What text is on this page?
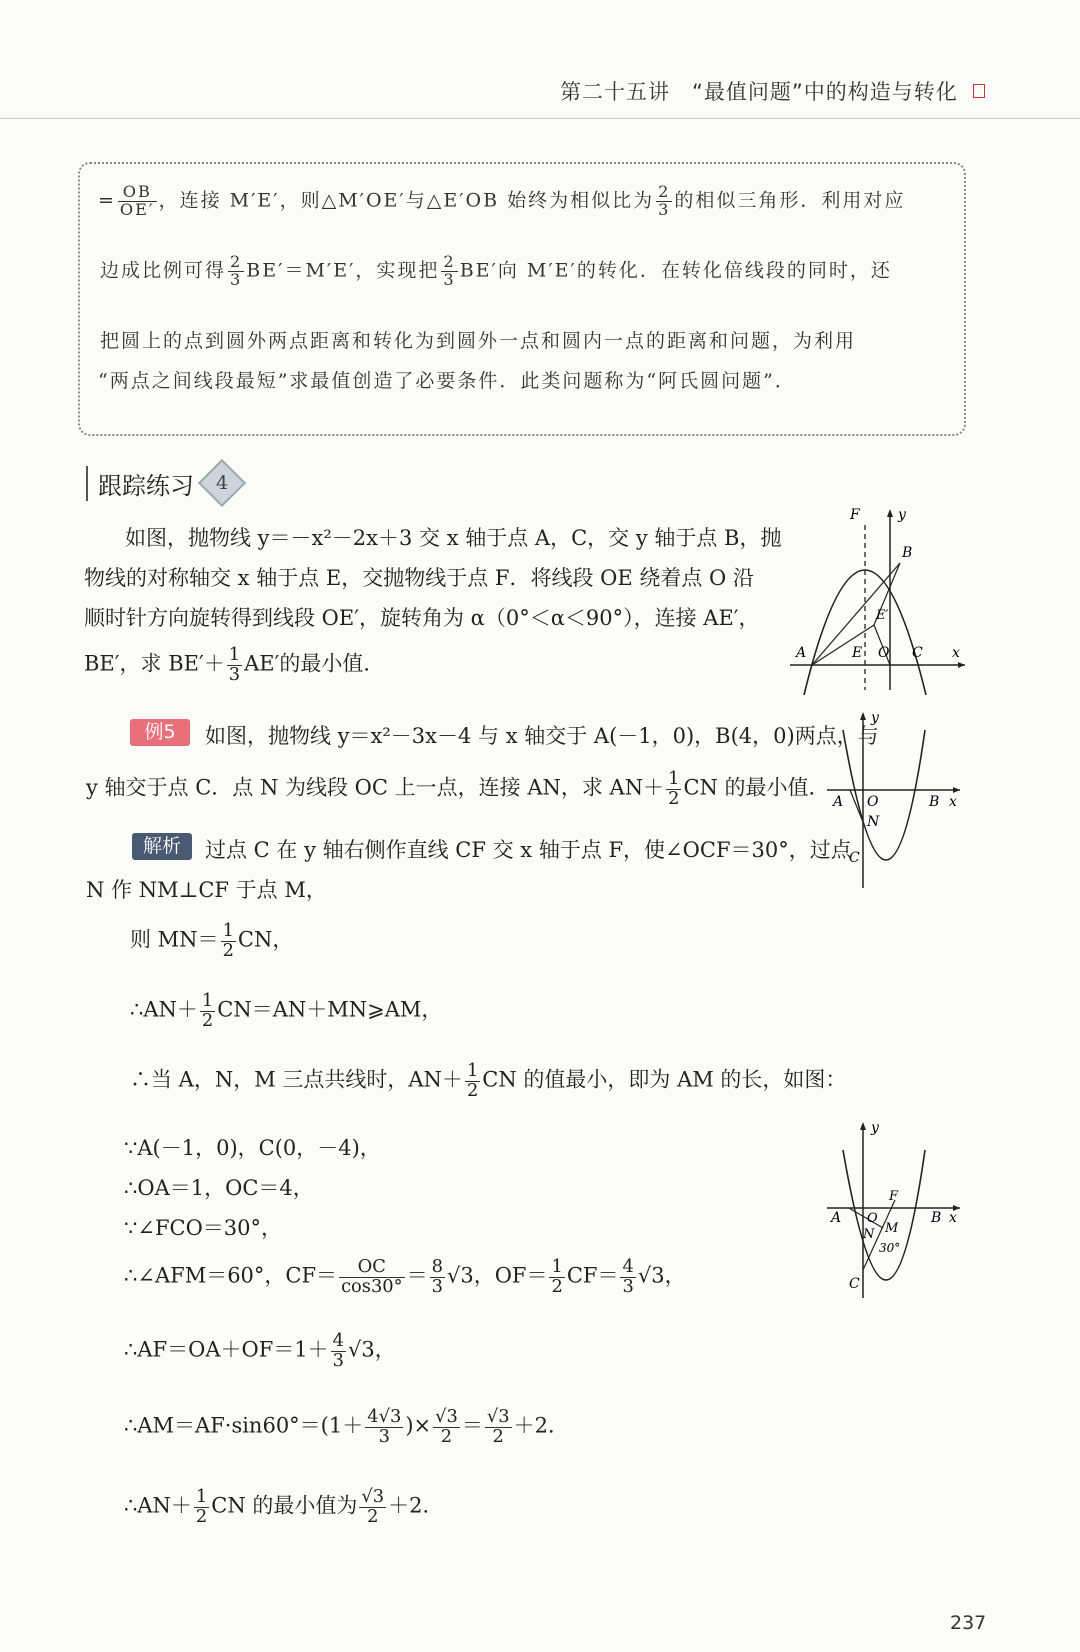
第二十五讲　“最值问题”中的构造与转化
= $\frac{OB}{OE'}$ ，连接 M′E′，则△M′OE′与△E′OB 始终为相似比为 $\frac{2}{3}$ 的相似三角形．利用对应
边成比例可得 $\frac{2}{3} BE'=M'E'$，实现把 $\frac{2}{3} BE'$向 M′E′的转化．在转化倍线段的同时，还
把圆上的点到圆外两点距离和转化为到圆外一点和圆内一点的距离和问题，为利用
“两点之间线段最短”求最值创造了必要条件．此类问题称为“阿氏圆问题”．
跟踪练习	4
如图，抛物线 y＝－x²－2x＋3 交 x 轴于点 A，C，交 y 轴于点 B，抛
物线的对称轴交 x 轴于点 E，交抛物线于点 F．将线段 OE 绕着点 O 沿
顺时针方向旋转得到线段 OE′，旋转角为 α（0°＜α＜90°），连接 AE′，
BE′，求 $BE'+ \frac{1}{3} AE'$的最小值．
F	y
B
E′
A	E O C x
例5	如图，抛物线 y＝x²－3x－4 与 x 轴交于 A(－1，0)，B(4，0)两点，与
y 轴交于点 C．点 N 为线段 OC 上一点，连接 AN，求 $AN+ \frac{1}{2}$ CN 的最小值．
y
A O	B x
N
C
解析	过点 C 在 y 轴右侧作直线 CF 交 x 轴于点 F，使∠OCF＝30°，过点
N 作 NM⊥CF 于点 M，
则 $MN= \frac{1}{2}$ CN，
∴AN＋ $\frac{1}{2}$ CN＝AN＋MN⩾AM，
∴当 A，N，M 三点共线时，$AN+ \frac{1}{2}$ CN 的值最小，即为 AM 的长，如图：
∵A(－1，0)，C(0，－4)，
∴OA＝1，OC＝4，
∵∠FCO＝30°，
∴∠AFM＝60°，$CF= \frac{OC}{\cos 30^\circ} = \frac{8}{3} √3$，$OF= \frac{1}{2} CF= \frac{4}{3} √3$，
∴AF＝OA＋OF＝1＋ $\frac{4}{3} √3$，
∴AM＝AF·sin60°＝(1＋ $\frac{4√3}{3}$ )× $\frac{√3}{2} = \frac{√3}{2} +2$．
∴AN＋ $\frac{1}{2}$ CN 的最小值为 $\frac{√3}{2} +2$．
y
F
A O	B x
N M
30°
C
237
